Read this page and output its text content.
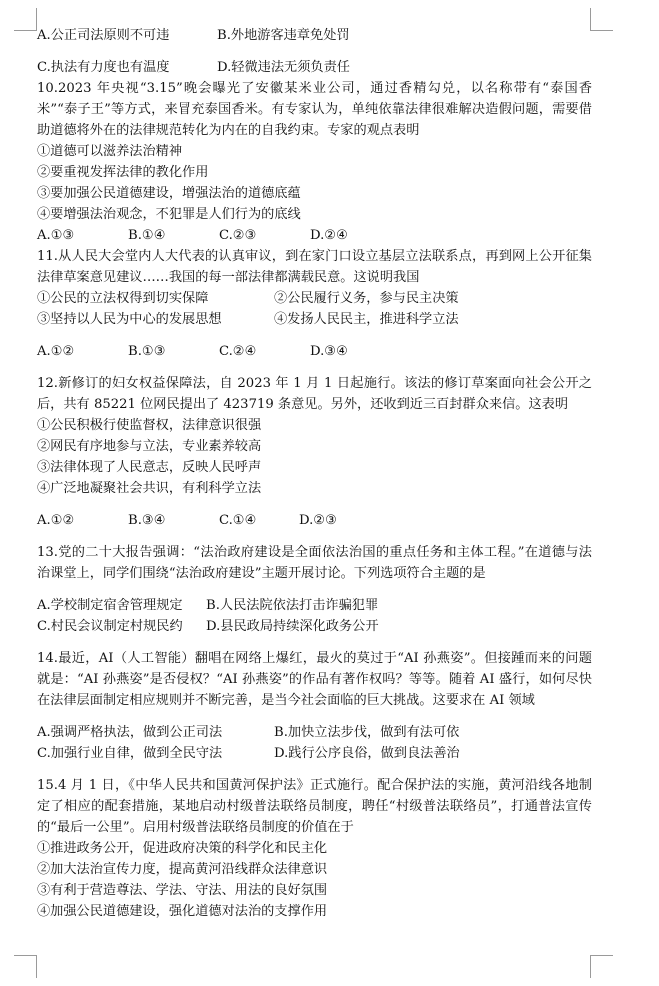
A.公正司法原则不可违	B.外地游客违章免处罚
C.执法有力度也有温度	D.轻微违法无须负责任
10.2023 年央视“3.15”晚会曝光了安徽某米业公司，通过香精勾兑，以名称带有“泰国香米”“泰子王”等方式，来冒充泰国香米。有专家认为，单纯依靠法律很难解决造假问题，需要借助道德将外在的法律规范转化为内在的自我约束。专家的观点表明
①道德可以滋养法治精神
②要重视发挥法律的教化作用
③要加强公民道德建设，增强法治的道德底蕴
④要增强法治观念，不犯罪是人们行为的底线
A.①③	B.①④	C.②③	D.②④
11.从人民大会堂内人大代表的认真审议，到在家门口设立基层立法联系点，再到网上公开征集法律草案意见建议……我国的每一部法律都满载民意。这说明我国
①公民的立法权得到切实保障	②公民履行义务，参与民主决策
③坚持以人民为中心的发展思想	④发扬人民民主，推进科学立法
A.①②	B.①③	C.②④	D.③④
12.新修订的妇女权益保障法，自 2023 年 1 月 1 日起施行。该法的修订草案面向社会公开之后，共有 85221 位网民提出了 423719 条意见。另外，还收到近三百封群众来信。这表明
①公民积极行使监督权，法律意识很强
②网民有序地参与立法，专业素养较高
③法律体现了人民意志，反映人民呼声
④广泛地凝聚社会共识，有利科学立法
A.①②	B.③④	C.①④	D.②③
13.党的二十大报告强调：“法治政府建设是全面依法治国的重点任务和主体工程。”在道德与法治课堂上，同学们围绕“法治政府建设”主题开展讨论。下列选项符合主题的是
A.学校制定宿舍管理规定 B.人民法院依法打击诈骗犯罪
C.村民会议制定村规民约 D.县民政局持续深化政务公开
14.最近，AI（人工智能）翻唱在网络上爆红，最火的莫过于“AI 孙燕姿”。但接踵而来的问题就是：“AI 孙燕姿”是否侵权？“AI 孙燕姿”的作品有著作权吗？等等。随着 AI 盛行，如何尽快在法律层面制定相应规则并不断完善，是当今社会面临的巨大挑战。这要求在 AI 领域
A.强调严格执法，做到公正司法	B.加快立法步伐，做到有法可依
C.加强行业自律，做到全民守法	D.践行公序良俗，做到良法善治
15.4 月 1 日，《中华人民共和国黄河保护法》正式施行。配合保护法的实施，黄河沿线各地制定了相应的配套措施，某地启动村级普法联络员制度，聘任“村级普法联络员”，打通普法宣传的“最后一公里”。启用村级普法联络员制度的价值在于
①推进政务公开，促进政府决策的科学化和民主化
②加大法治宣传力度，提高黄河沿线群众法律意识
③有利于营造尊法、学法、守法、用法的良好氛围
④加强公民道德建设，强化道德对法治的支撑作用
